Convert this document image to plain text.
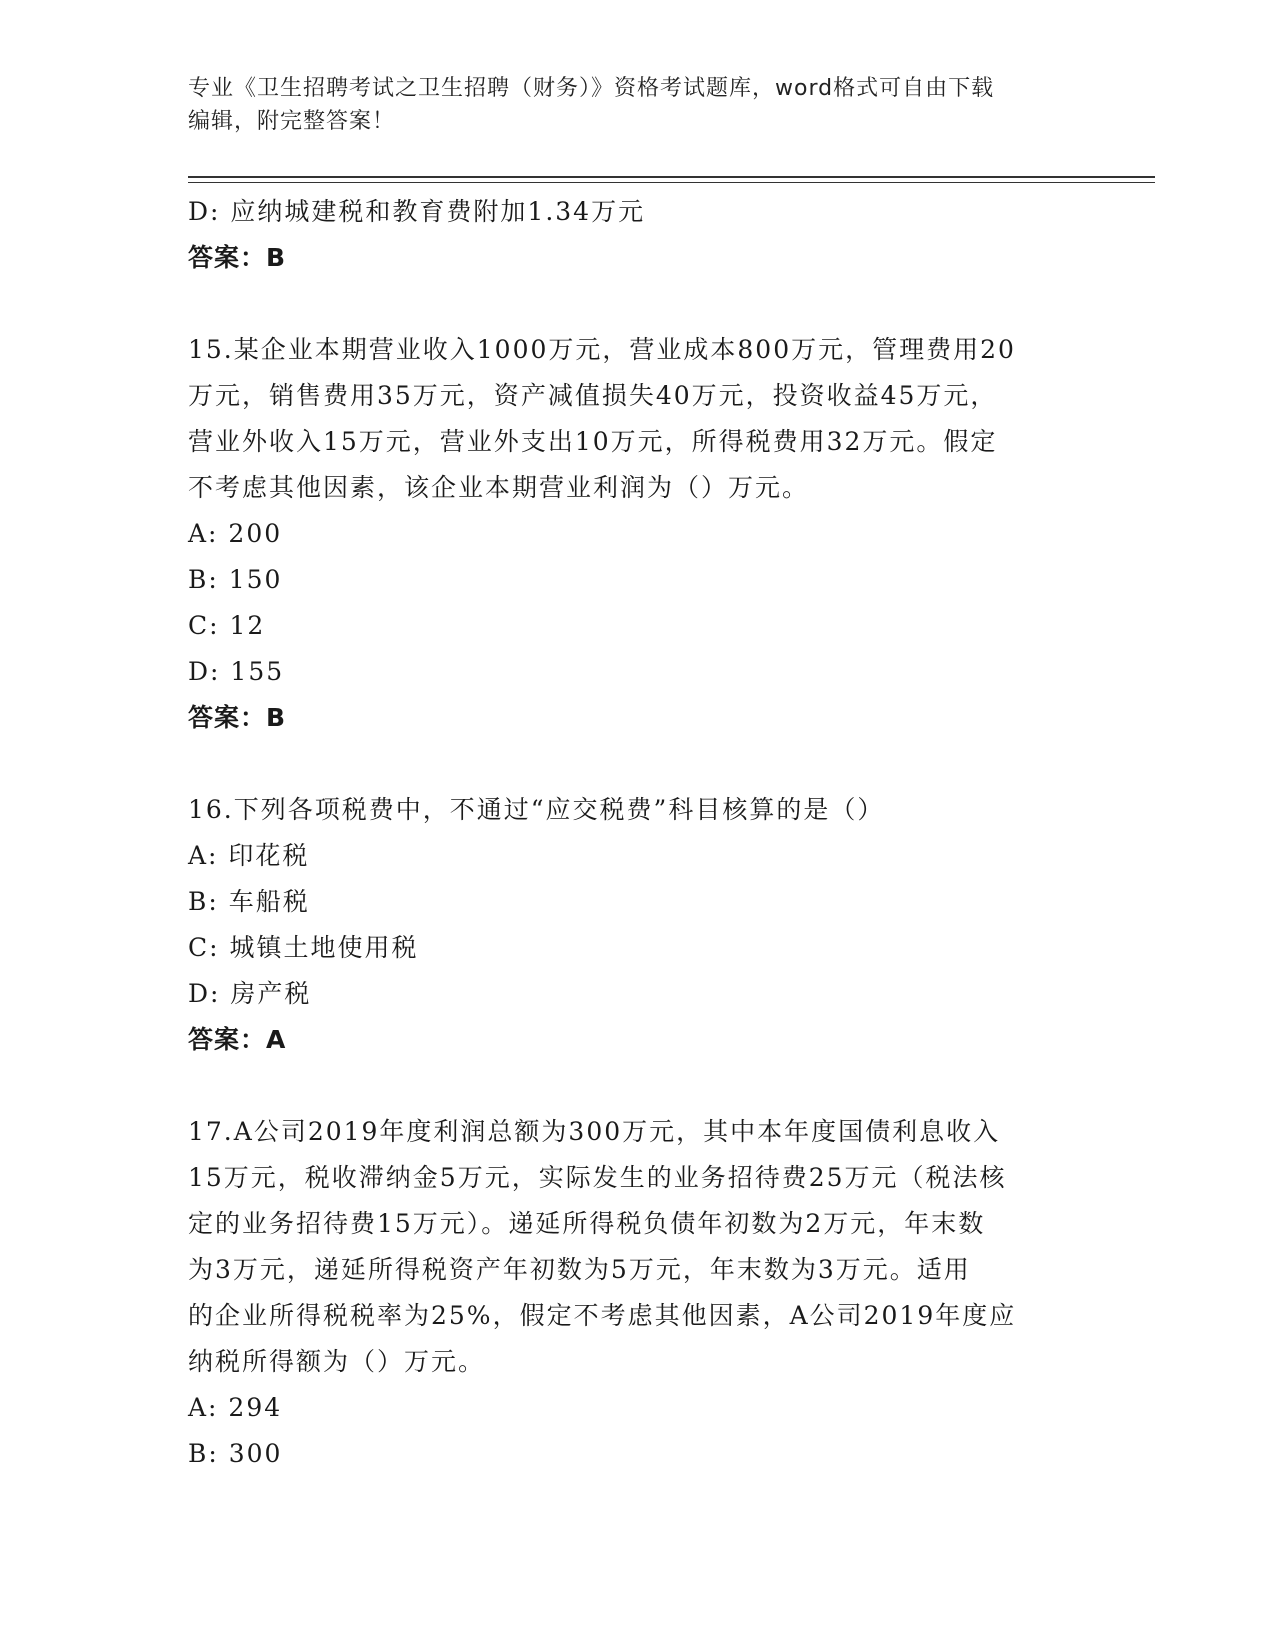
专业《卫生招聘考试之卫生招聘（财务）》资格考试题库，word格式可自由下载
编辑，附完整答案！
D: 应纳城建税和教育费附加1.34万元
答案：B
15.某企业本期营业收入1000万元，营业成本800万元，管理费用20
万元，销售费用35万元，资产减值损失40万元，投资收益45万元，
营业外收入15万元，营业外支出10万元，所得税费用32万元。假定
不考虑其他因素，该企业本期营业利润为（）万元。
A: 200
B: 150
C: 12
D: 155
答案：B
16.下列各项税费中，不通过“应交税费”科目核算的是（）
A: 印花税
B: 车船税
C: 城镇土地使用税
D: 房产税
答案：A
17.A公司2019年度利润总额为300万元，其中本年度国债利息收入
15万元，税收滞纳金5万元，实际发生的业务招待费25万元（税法核
定的业务招待费15万元）。递延所得税负债年初数为2万元，年末数
为3万元，递延所得税资产年初数为5万元，年末数为3万元。适用
的企业所得税税率为25%，假定不考虑其他因素，A公司2019年度应
纳税所得额为（）万元。
A: 294
B: 300
